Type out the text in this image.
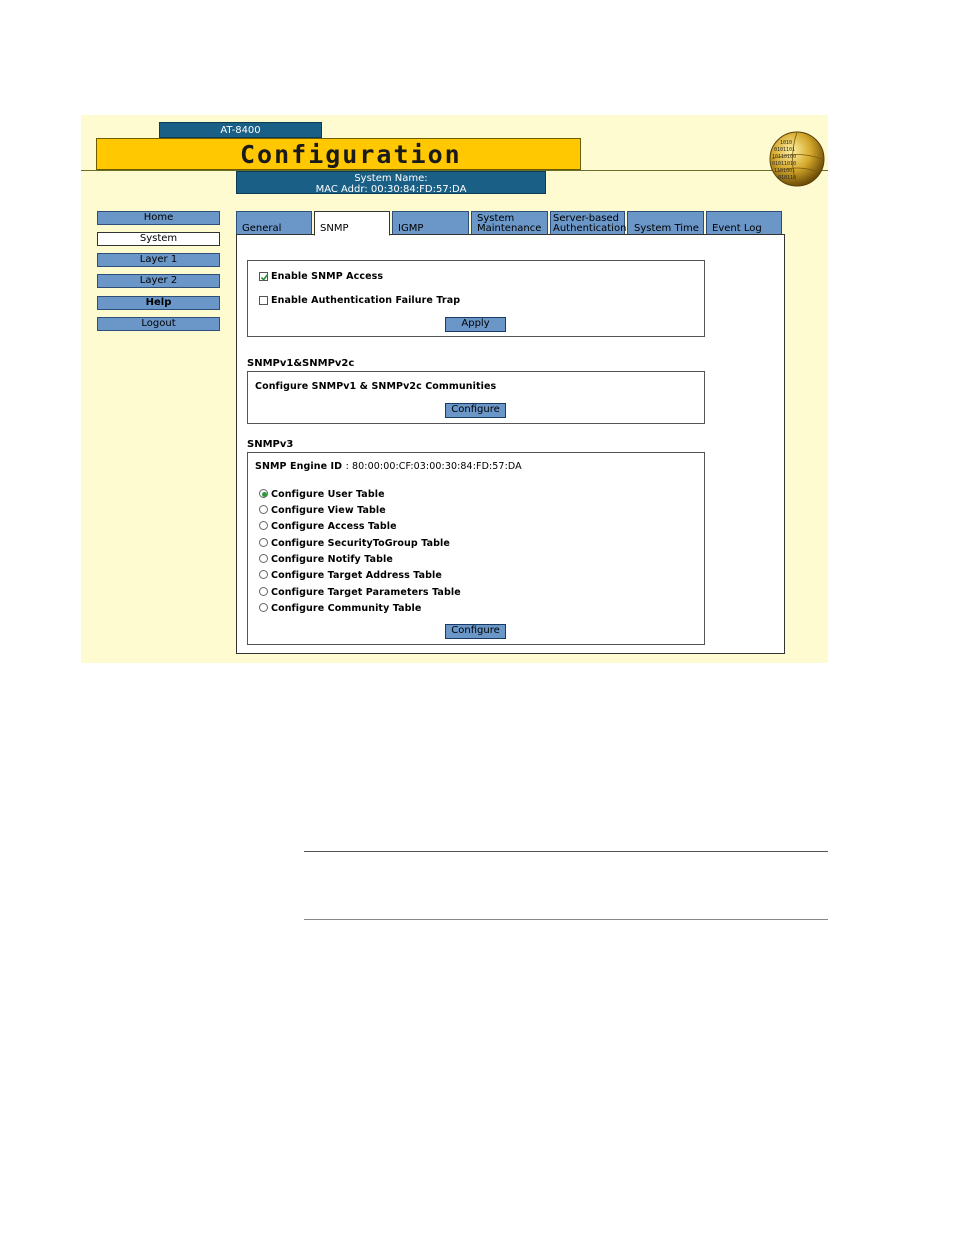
AT-8400
Configuration
System Name:
MAC Addr: 00:30:84:FD:57:DA
1010
0101101
10110100
01011010
1101001
010110
Home
System
Layer 1
Layer 2
Help
Logout
General	SNMP	IGMP
System
Maintenance
Server-based
Authentication System Time	Event Log
Enable SNMP Access
Enable Authentication Failure Trap
Apply
SNMPv1&SNMPv2c
Configure SNMPv1 & SNMPv2c Communities
Configure
SNMPv3
SNMP Engine ID : 80:00:00:CF:03:00:30:84:FD:57:DA
Configure User Table
Configure View Table
Configure Access Table
Configure SecurityToGroup Table
Configure Notify Table
Configure Target Address Table
Configure Target Parameters Table
Configure Community Table
Configure
